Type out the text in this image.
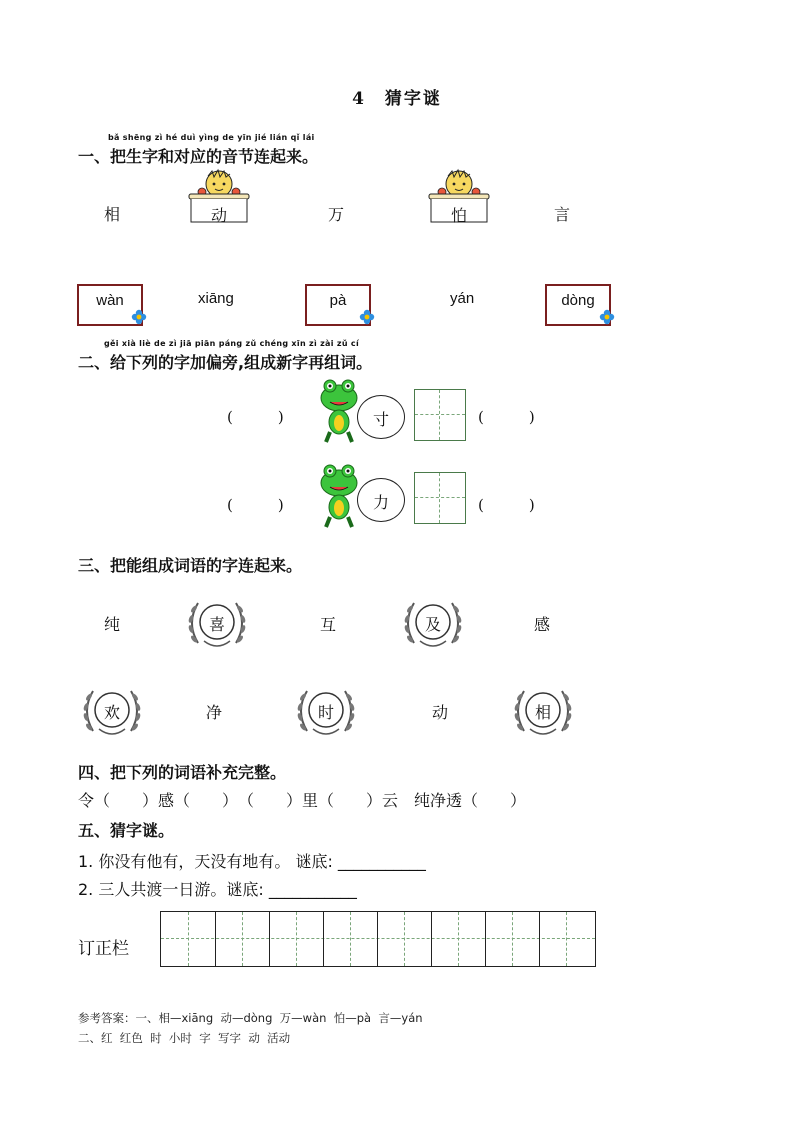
4　猜字谜
bǎ shēng zì hé duì yìng de yīn jié lián qǐ lái
一、把生字和对应的音节连起来。
相	动	万	怕	言
wàn	xiāng	pà	yán	dòng
gěi xià liè de zì jiā piān páng zǔ chéng xīn zì zài zǔ cí
二、给下列的字加偏旁,组成新字再组词。
(　　　)	寸	(　　　)
(　　　)	力	(　　　)
三、把能组成词语的字连起来。
纯	喜	互	及	感
欢	净	时	动	相
四、把下列的词语补充完整。
令（　　）感（　　）　（　　）里（　　）云　纯净透（　　）
五、猜字谜。
1. 你没有他有，天没有地有。 谜底: ___________
2. 三人共渡一日游。谜底: ___________
订正栏
参考答案：一、相—xiāng  动—dòng  万—wàn  怕—pà  言—yán
二、红  红色  时  小时  字  写字  动  活动
